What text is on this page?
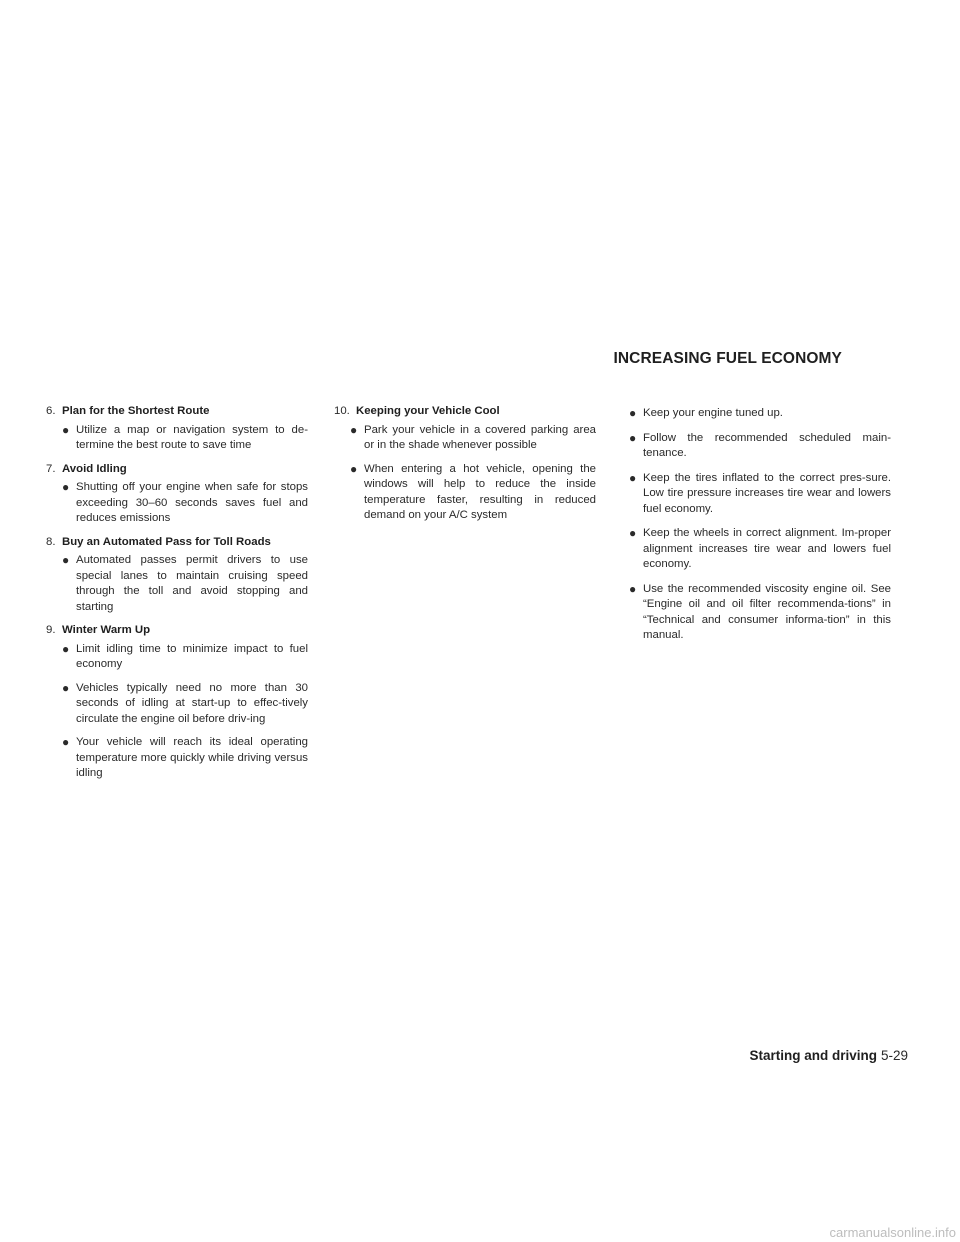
INCREASING FUEL ECONOMY
6. Plan for the Shortest Route
● Utilize a map or navigation system to de-termine the best route to save time
7. Avoid Idling
● Shutting off your engine when safe for stops exceeding 30–60 seconds saves fuel and reduces emissions
8. Buy an Automated Pass for Toll Roads
● Automated passes permit drivers to use special lanes to maintain cruising speed through the toll and avoid stopping and starting
9. Winter Warm Up
● Limit idling time to minimize impact to fuel economy
● Vehicles typically need no more than 30 seconds of idling at start-up to effec-tively circulate the engine oil before driv-ing
● Your vehicle will reach its ideal operating temperature more quickly while driving versus idling
10. Keeping your Vehicle Cool
● Park your vehicle in a covered parking area or in the shade whenever possible
● When entering a hot vehicle, opening the windows will help to reduce the inside temperature faster, resulting in reduced demand on your A/C system
● Keep your engine tuned up.
● Follow the recommended scheduled main-tenance.
● Keep the tires inflated to the correct pres-sure. Low tire pressure increases tire wear and lowers fuel economy.
● Keep the wheels in correct alignment. Im-proper alignment increases tire wear and lowers fuel economy.
● Use the recommended viscosity engine oil. See “Engine oil and oil filter recommenda-tions” in “Technical and consumer informa-tion” in this manual.
Starting and driving 5-29
carmanualsonline.info
